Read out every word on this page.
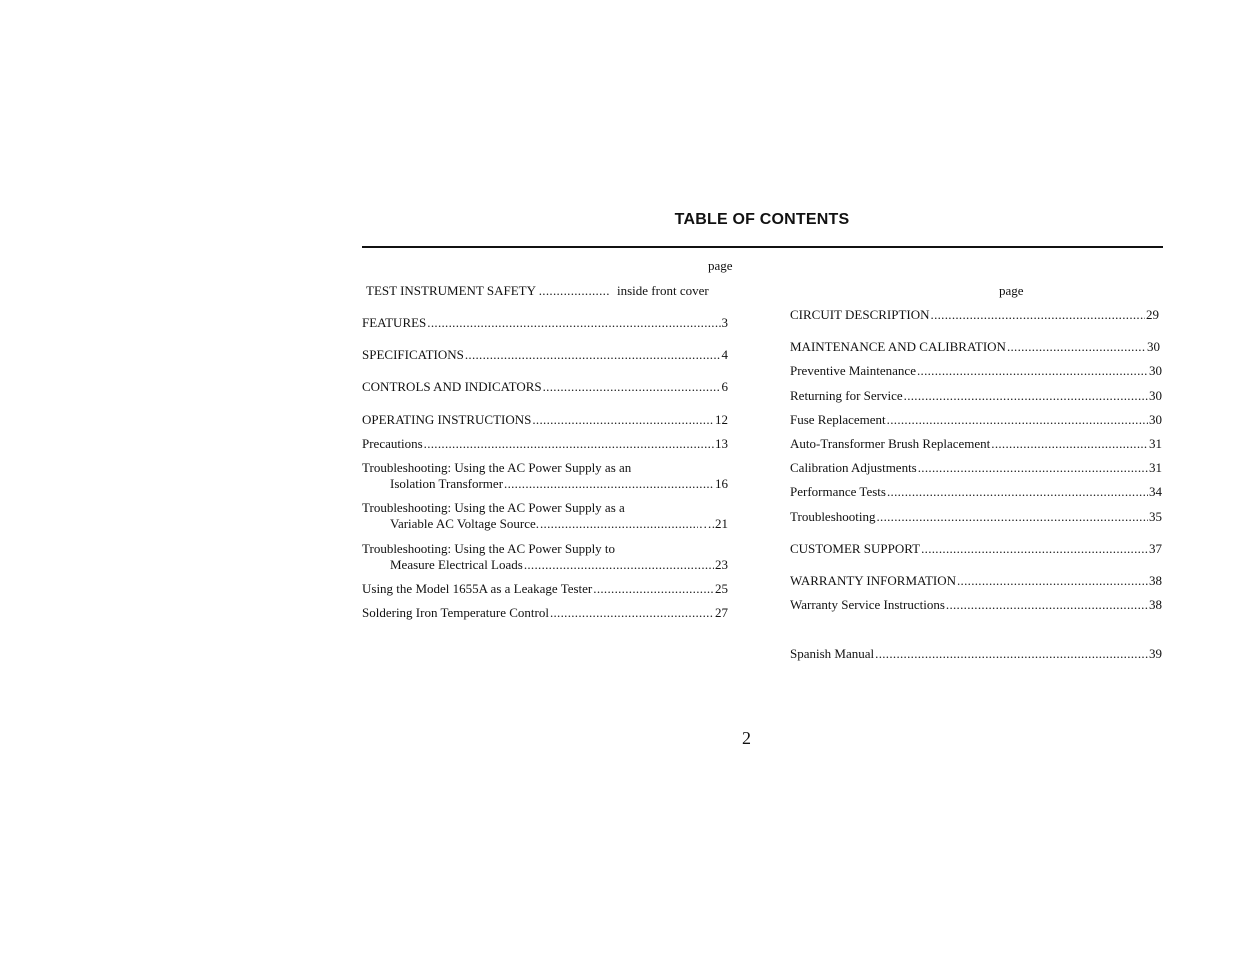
TABLE OF CONTENTS
page
TEST INSTRUMENT SAFETY .................... inside front cover
FEATURES .....	3
SPECIFICATIONS .....	4
CONTROLS AND INDICATORS .....	6
OPERATING INSTRUCTIONS .....	12
Precautions .....	13
Troubleshooting: Using the AC Power Supply as an
Isolation Transformer .....	16
Troubleshooting: Using the AC Power Supply as a
Variable AC Voltage Source. .....	….21
Troubleshooting: Using the AC Power Supply to
Measure Electrical Loads .....	23
Using the Model 1655A as a Leakage Tester .....	25
Soldering Iron Temperature Control .....	27
page
CIRCUIT DESCRIPTION .....	29
MAINTENANCE AND CALIBRATION .....	30
Preventive Maintenance .....	30
Returning for Service .....	30
Fuse Replacement .....	30
Auto-Transformer Brush Replacement .....	31
Calibration Adjustments .....	31
Performance Tests .....	34
Troubleshooting .....	35
CUSTOMER SUPPORT .....	37
WARRANTY INFORMATION .....	38
Warranty Service Instructions .....	38
Spanish Manual .....	39
2
